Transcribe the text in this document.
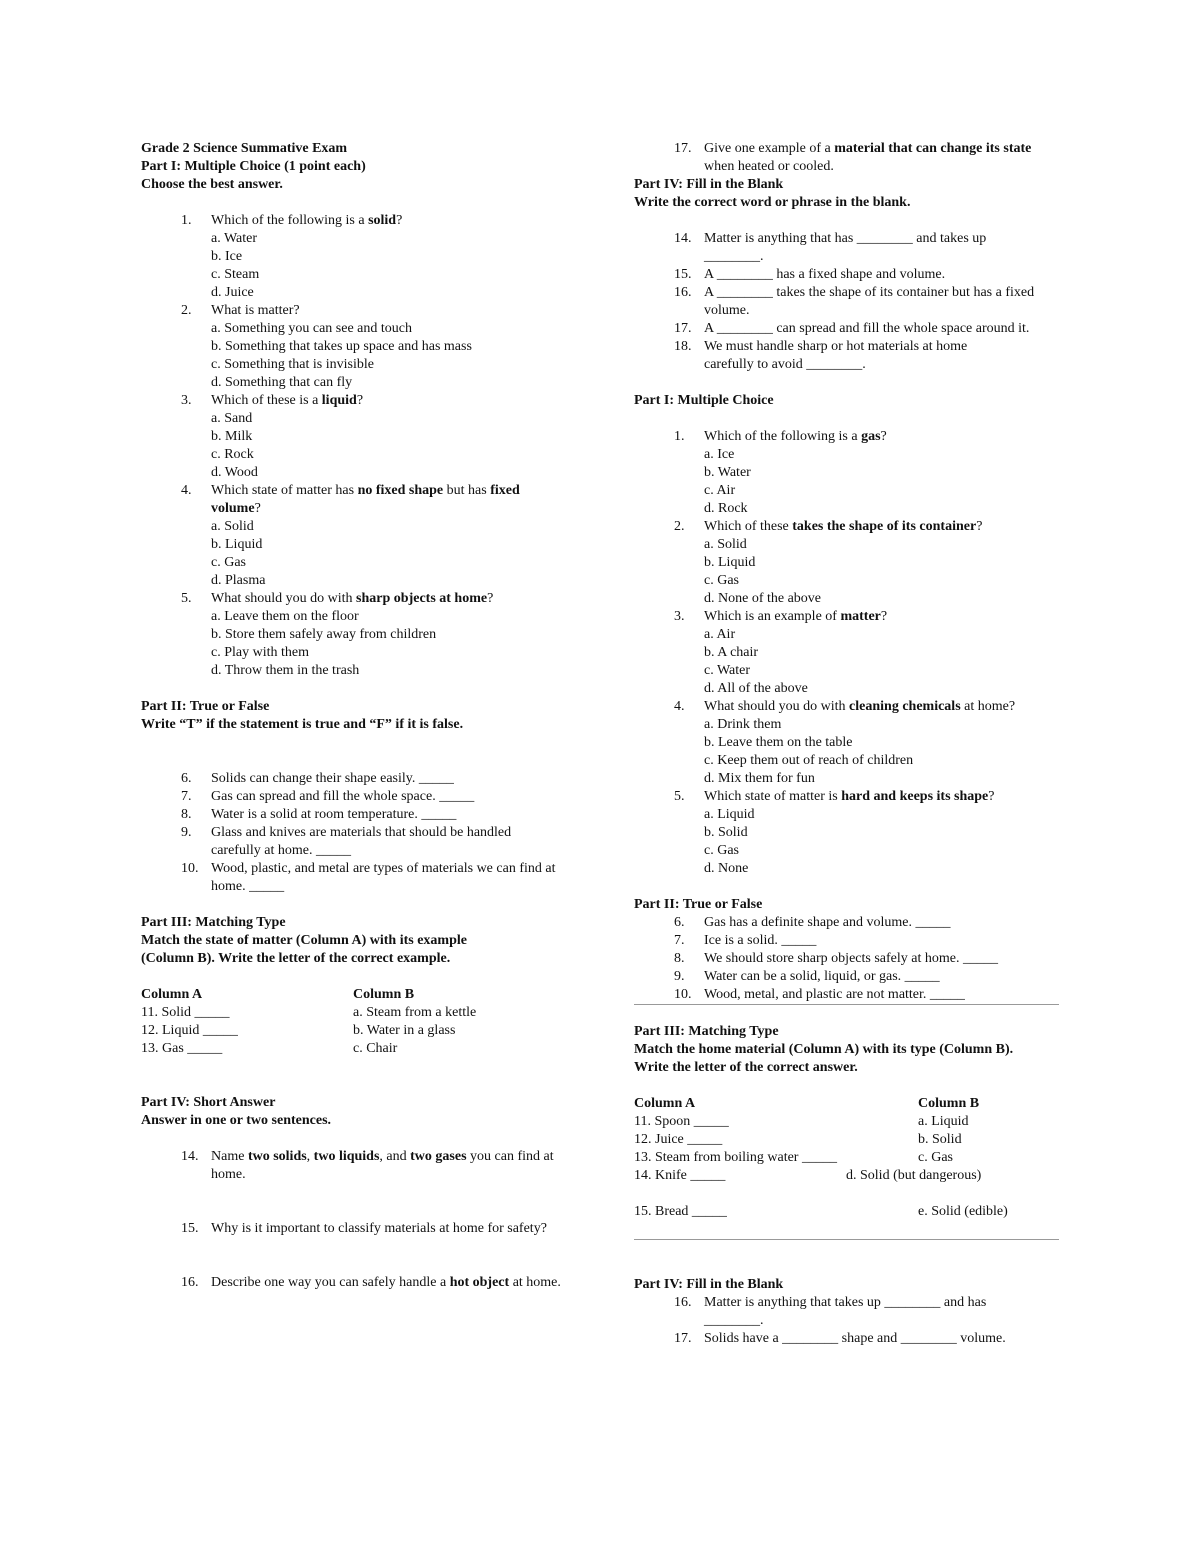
Grade 2 Science Summative Exam
Part I: Multiple Choice (1 point each)
Choose the best answer.
1.	Which of the following is a solid?
a. Water
b. Ice
c. Steam
d. Juice
2.	What is matter?
a. Something you can see and touch
b. Something that takes up space and has mass
c. Something that is invisible
d. Something that can fly
3.	Which of these is a liquid?
a. Sand
b. Milk
c. Rock
d. Wood
4.	Which state of matter has no fixed shape but has fixed volume?
a. Solid
b. Liquid
c. Gas
d. Plasma
5.	What should you do with sharp objects at home?
a. Leave them on the floor
b. Store them safely away from children
c. Play with them
d. Throw them in the trash
Part II: True or False
Write “T” if the statement is true and “F” if it is false.
6.	Solids can change their shape easily. _____
7.	Gas can spread and fill the whole space. _____
8.	Water is a solid at room temperature. _____
9.	Glass and knives are materials that should be handled carefully at home. _____
10. Wood, plastic, and metal are types of materials we can find at home. _____
Part III: Matching Type
Match the state of matter (Column A) with its example (Column B). Write the letter of the correct example.
Column A	Column B
11. Solid _____	a. Steam from a kettle
12. Liquid _____	b. Water in a glass
13. Gas _____	c. Chair
Part IV: Short Answer
Answer in one or two sentences.
14. Name two solids, two liquids, and two gases you can find at home.
15. Why is it important to classify materials at home for safety?
16. Describe one way you can safely handle a hot object at home.
17. Give one example of a material that can change its state when heated or cooled.
Part IV: Fill in the Blank
Write the correct word or phrase in the blank.
14. Matter is anything that has ________ and takes up ________.
15. A ________ has a fixed shape and volume.
16. A ________ takes the shape of its container but has a fixed volume.
17. A ________ can spread and fill the whole space around it.
18. We must handle sharp or hot materials at home carefully to avoid ________.
Part I: Multiple Choice
1.	Which of the following is a gas?
a. Ice
b. Water
c. Air
d. Rock
2.	Which of these takes the shape of its container?
a. Solid
b. Liquid
c. Gas
d. None of the above
3.	Which is an example of matter?
a. Air
b. A chair
c. Water
d. All of the above
4.	What should you do with cleaning chemicals at home?
a. Drink them
b. Leave them on the table
c. Keep them out of reach of children
d. Mix them for fun
5.	Which state of matter is hard and keeps its shape?
a. Liquid
b. Solid
c. Gas
d. None
Part II: True or False
6.	Gas has a definite shape and volume. _____
7.	Ice is a solid. _____
8.	We should store sharp objects safely at home. _____
9.	Water can be a solid, liquid, or gas. _____
10. Wood, metal, and plastic are not matter. _____
Part III: Matching Type
Match the home material (Column A) with its type (Column B). Write the letter of the correct answer.
Column A	Column B
11. Spoon _____	a. Liquid
12. Juice _____	b. Solid
13. Steam from boiling water _____	c. Gas
14. Knife _____	d. Solid (but dangerous)
15. Bread _____	e. Solid (edible)
Part IV: Fill in the Blank
16. Matter is anything that takes up ________ and has ________.
17. Solids have a ________ shape and ________ volume.
